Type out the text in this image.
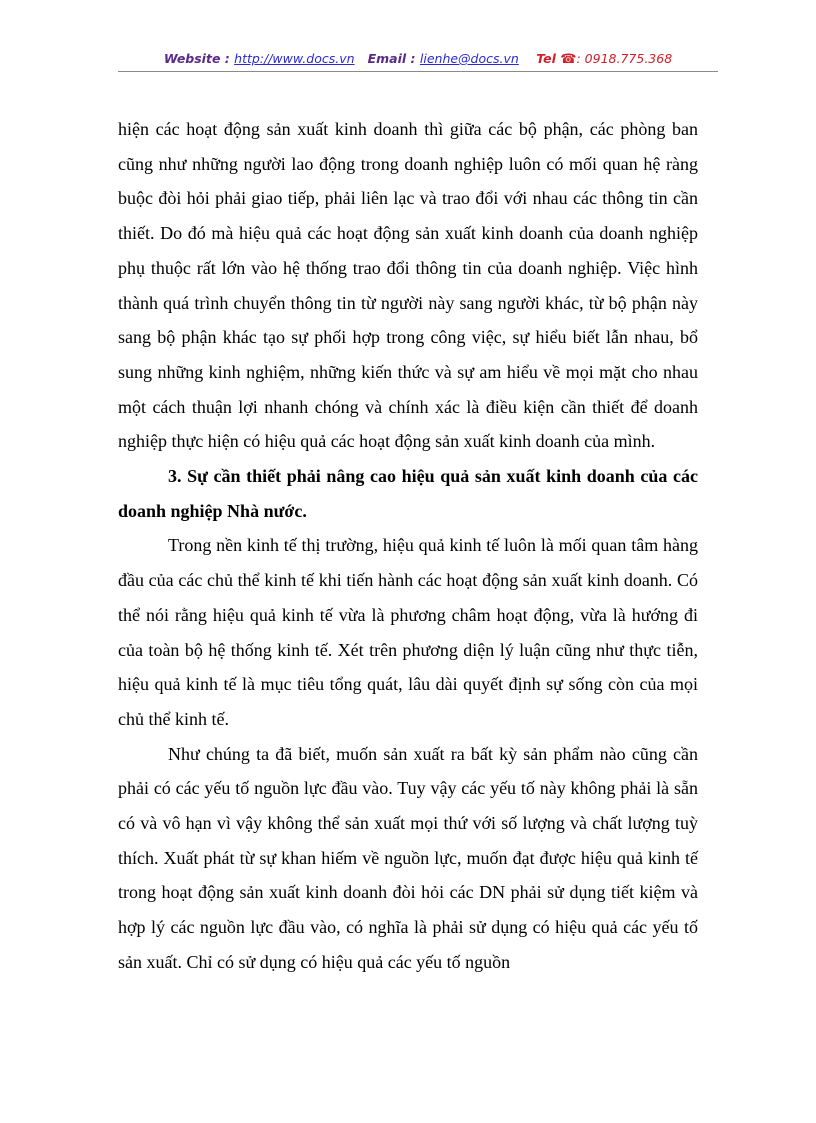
Website : http://www.docs.vn Email : lienhe@docs.vn Tel ☎: 0918.775.368

hiện các hoạt động sản xuất kinh doanh thì giữa các bộ phận, các phòng ban cũng như những người lao động trong doanh nghiệp luôn có mối quan hệ ràng buộc đòi hỏi phải giao tiếp, phải liên lạc và trao đổi với nhau các thông tin cần thiết. Do đó mà hiệu quả các hoạt động sản xuất kinh doanh của doanh nghiệp phụ thuộc rất lớn vào hệ thống trao đổi thông tin của doanh nghiệp. Việc hình thành quá trình chuyển thông tin từ người này sang người khác, từ bộ phận này sang bộ phận khác tạo sự phối hợp trong công việc, sự hiểu biết lẫn nhau, bổ sung những kinh nghiệm, những kiến thức và sự am hiểu về mọi mặt cho nhau một cách thuận lợi nhanh chóng và chính xác là điều kiện cần thiết để doanh nghiệp thực hiện có hiệu quả các hoạt động sản xuất kinh doanh của mình.

3. Sự cần thiết phải nâng cao hiệu quả sản xuất kinh doanh của các doanh nghiệp Nhà nước.

Trong nền kinh tế thị trường, hiệu quả kinh tế luôn là mối quan tâm hàng đầu của các chủ thể kinh tế khi tiến hành các hoạt động sản xuất kinh doanh. Có thể nói rằng hiệu quả kinh tế vừa là phương châm hoạt động, vừa là hướng đi của toàn bộ hệ thống kinh tế. Xét trên phương diện lý luận cũng như thực tiễn, hiệu quả kinh tế là mục tiêu tổng quát, lâu dài quyết định sự sống còn của mọi chủ thể kinh tế.

Như chúng ta đã biết, muốn sản xuất ra bất kỳ sản phẩm nào cũng cần phải có các yếu tố nguồn lực đầu vào. Tuy vậy các yếu tố này không phải là sẵn có và vô hạn vì vậy không thể sản xuất mọi thứ với số lượng và chất lượng tuỳ thích. Xuất phát từ sự khan hiếm về nguồn lực, muốn đạt được hiệu quả kinh tế trong hoạt động sản xuất kinh doanh đòi hỏi các DN phải sử dụng tiết kiệm và hợp lý các nguồn lực đầu vào, có nghĩa là phải sử dụng có hiệu quả các yếu tố sản xuất. Chỉ có sử dụng có hiệu quả các yếu tố nguồn
